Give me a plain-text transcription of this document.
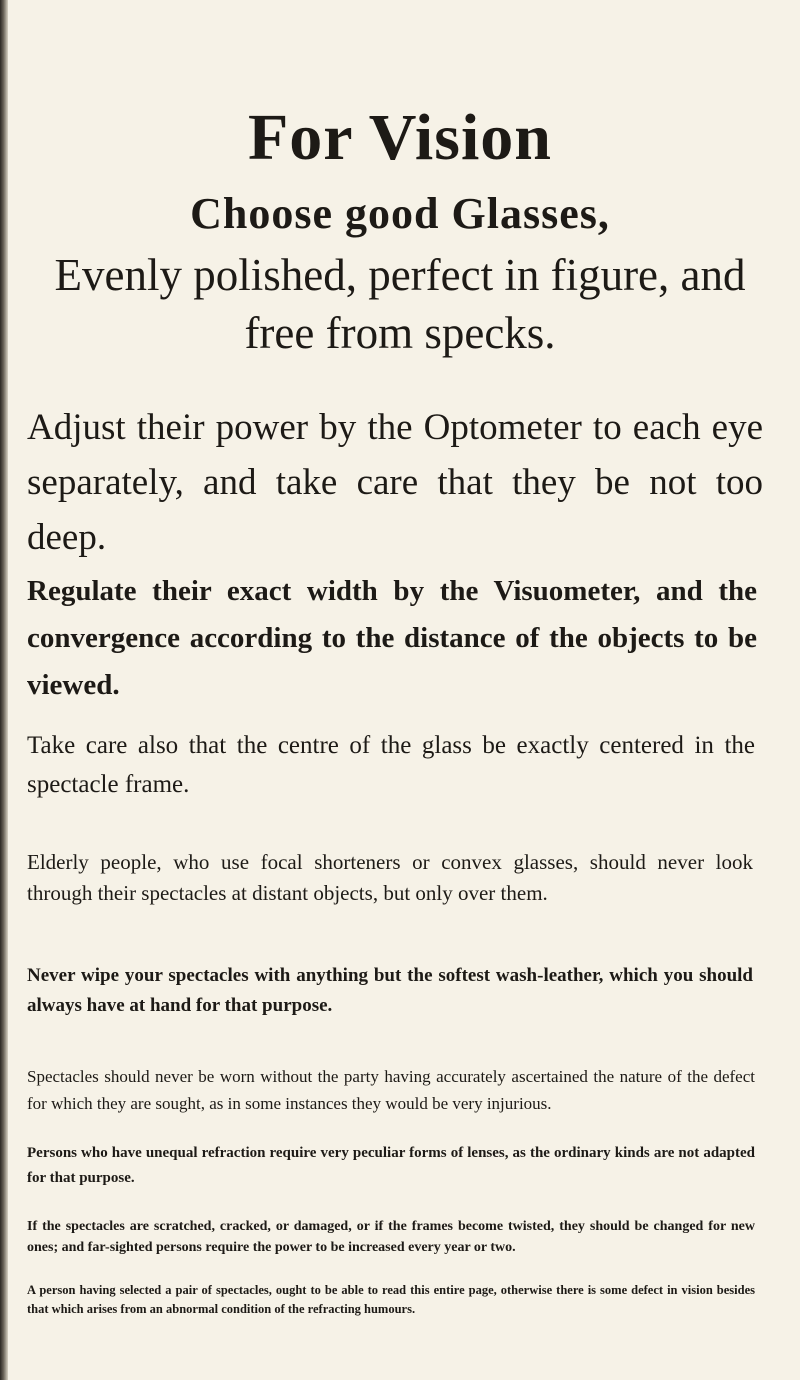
For Vision
Choose good Glasses,

Evenly polished, perfect in figure, and free from specks.

Adjust their power by the Optometer to each eye separately, and take care that they be not too deep.

Regulate their exact width by the Visuometer, and the convergence according to the distance of the objects to be viewed.

Take care also that the centre of the glass be exactly centered in the spectacle frame.

Elderly people, who use focal shorteners or convex glasses, should never look through their spectacles at distant objects, but only over them.

Never wipe your spectacles with anything but the softest wash-leather, which you should always have at hand for that purpose.

Spectacles should never be worn without the party having accurately ascertained the nature of the defect for which they are sought, as in some instances they would be very injurious.

Persons who have unequal refraction require very peculiar forms of lenses, as the ordinary kinds are not adapted for that purpose.

If the spectacles are scratched, cracked, or damaged, or if the frames become twisted, they should be changed for new ones; and far-sighted persons require the power to be increased every year or two.

A person having selected a pair of spectacles, ought to be able to read this entire page, otherwise there is some defect in vision besides that which arises from an abnormal condition of the refracting humours.
